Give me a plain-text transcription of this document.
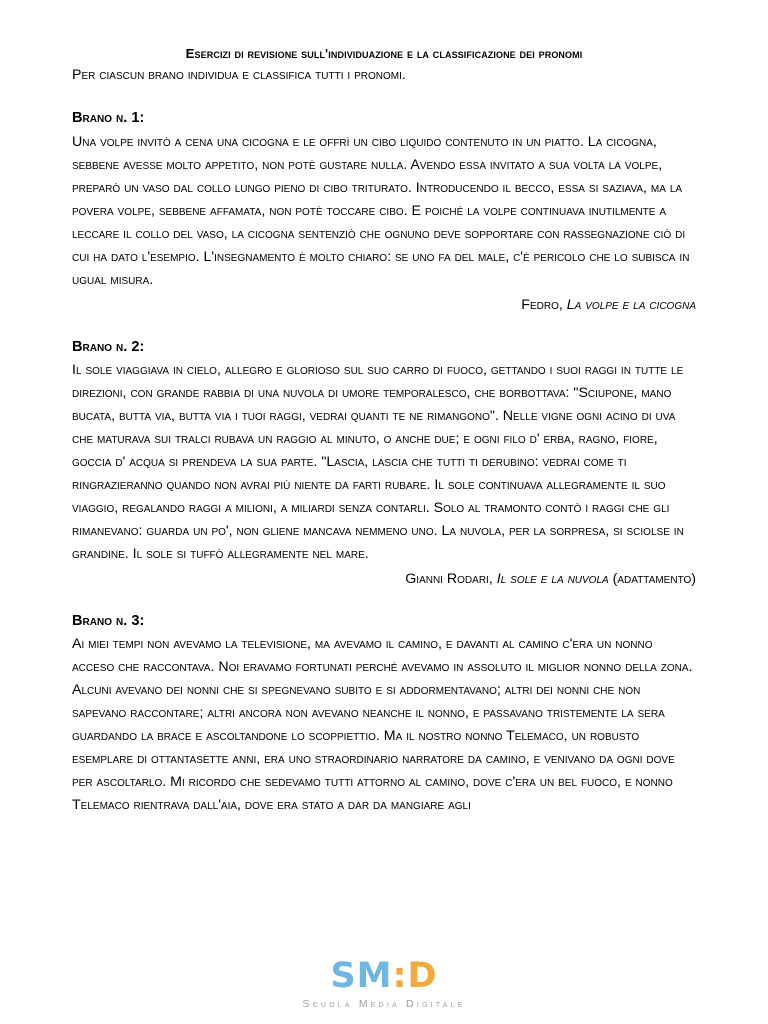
Esercizi di revisione sull'individuazione e la classificazione dei pronomi
Per ciascun brano individua e classifica tutti i pronomi.
Brano n. 1:
Una volpe invitò a cena una cicogna e le offrì un cibo liquido contenuto in un piatto. La cicogna, sebbene avesse molto appetito, non potè gustare nulla. Avendo essa invitato a sua volta la volpe, preparò un vaso dal collo lungo pieno di cibo triturato. Introducendo il becco, essa si saziava, ma la povera volpe, sebbene affamata, non potè toccare cibo. E poiché la volpe continuava inutilmente a leccare il collo del vaso, la cicogna sentenziò che ognuno deve sopportare con rassegnazione ciò di cui ha dato l'esempio. L'insegnamento è molto chiaro: se uno fa del male, c'è pericolo che lo subisca in ugual misura.
Fedro, La volpe e la cicogna
Brano n. 2:
Il sole viaggiava in cielo, allegro e glorioso sul suo carro di fuoco, gettando i suoi raggi in tutte le direzioni, con grande rabbia di una nuvola di umore temporalesco, che borbottava: "Sciupone, mano bucata, butta via, butta via i tuoi raggi, vedrai quanti te ne rimangono". Nelle vigne ogni acino di uva che maturava sui tralci rubava un raggio al minuto, o anche due; e ogni filo d' erba, ragno, fiore, goccia d' acqua si prendeva la sua parte. "Lascia, lascia che tutti ti derubino: vedrai come ti ringrazieranno quando non avrai più niente da farti rubare. Il sole continuava allegramente il suo viaggio, regalando raggi a milioni, a miliardi senza contarli. Solo al tramonto contò i raggi che gli rimanevano: guarda un po', non gliene mancava nemmeno uno. La nuvola, per la sorpresa, si sciolse in grandine. Il sole si tuffò allegramente nel mare.
Gianni Rodari, Il sole e la nuvola (adattamento)
Brano n. 3:
Ai miei tempi non avevamo la televisione, ma avevamo il camino, e davanti al camino c'era un nonno acceso che raccontava. Noi eravamo fortunati perché avevamo in assoluto il miglior nonno della zona. Alcuni avevano dei nonni che si spegnevano subito e si addormentavano; altri dei nonni che non sapevano raccontare; altri ancora non avevano neanche il nonno, e passavano tristemente la sera guardando la brace e ascoltandone lo scoppiettio. Ma il nostro nonno Telemaco, un robusto esemplare di ottantasette anni, era uno straordinario narratore da camino, e venivano da ogni dove per ascoltarlo. Mi ricordo che sedevamo tutti attorno al camino, dove c'era un bel fuoco, e nonno Telemaco rientrava dall'aia, dove era stato a dar da mangiare agli
SM:D
Scuola Media Digitale
